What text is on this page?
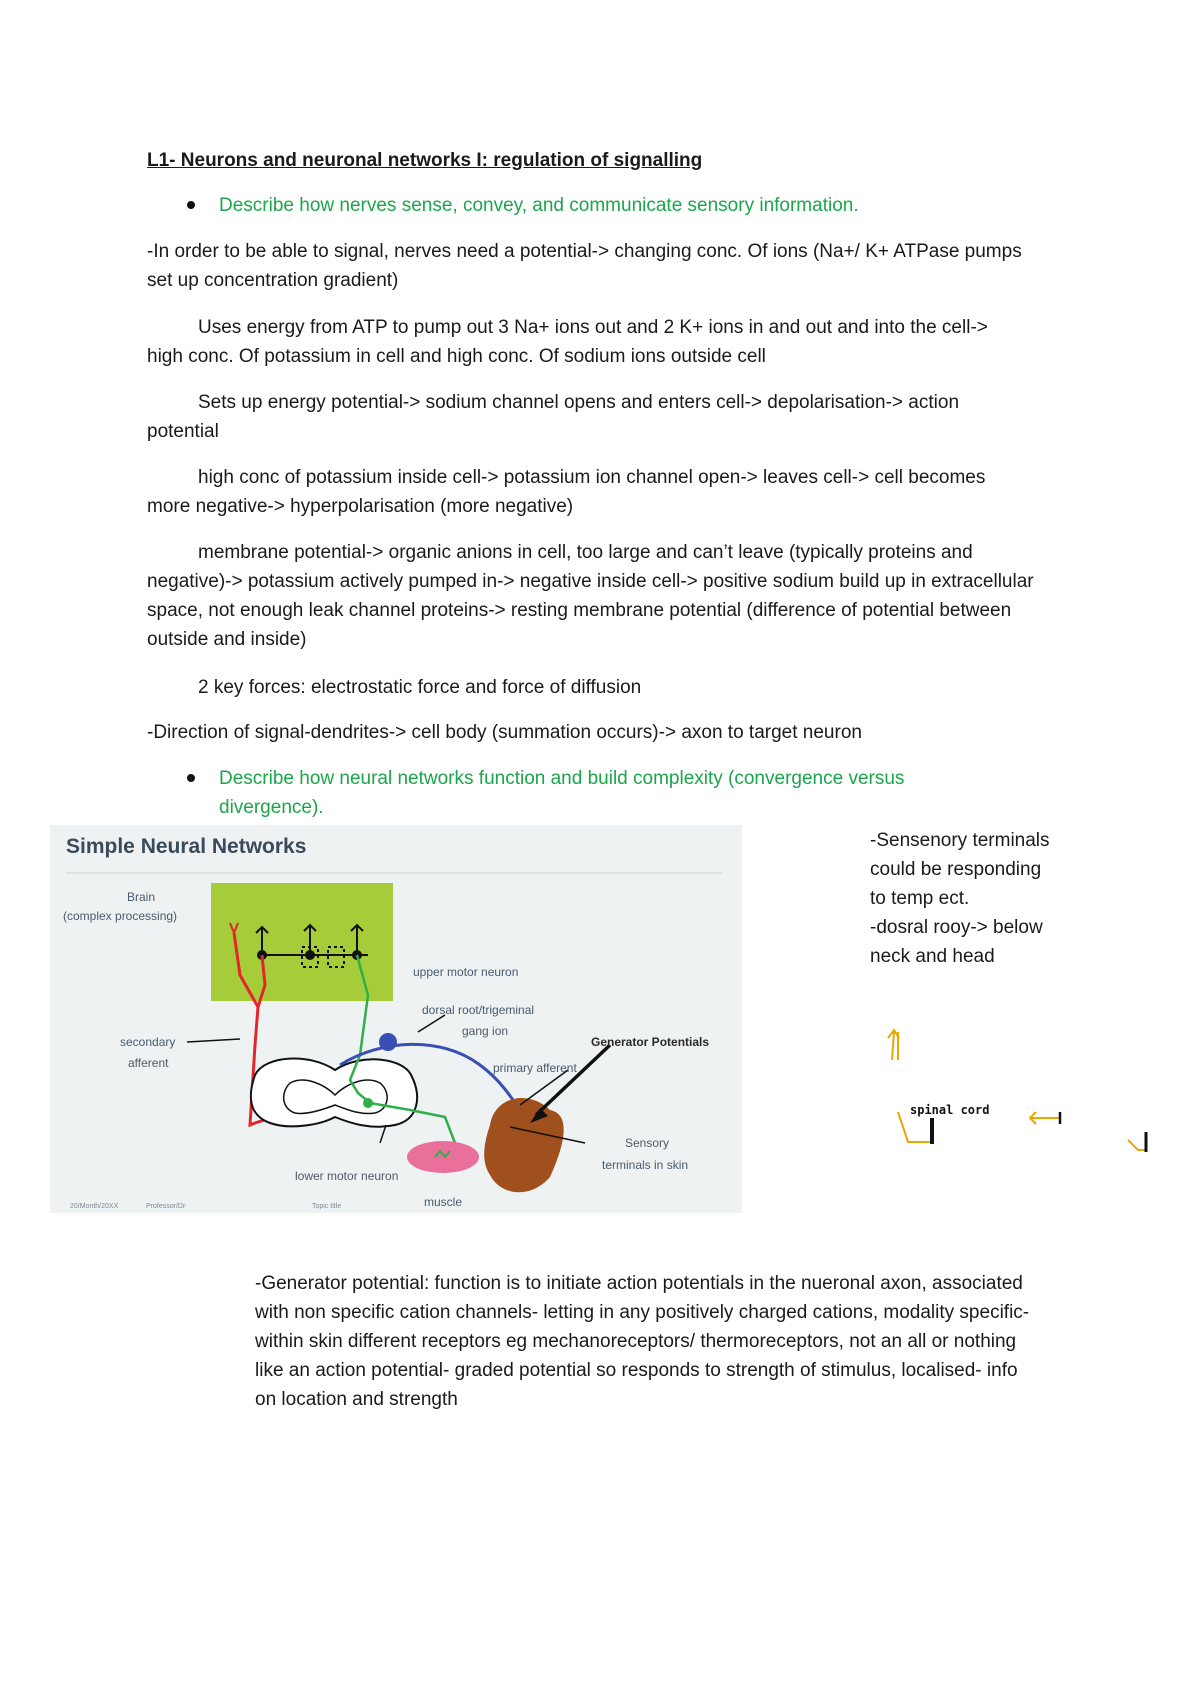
L1- Neurons and neuronal networks I: regulation of signalling
Describe how nerves sense, convey, and communicate sensory information.

-In order to be able to signal, nerves need a potential-> changing conc. Of ions (Na+/ K+ ATPase pumps set up concentration gradient)

Uses energy from ATP to pump out 3 Na+ ions out and 2 K+ ions in and out and into the cell->
high conc. Of potassium in cell and high conc. Of sodium ions outside cell
Sets up energy potential-> sodium channel opens and enters cell-> depolarisation-> action
potential
high conc of potassium inside cell-> potassium ion channel open-> leaves cell-> cell becomes
more negative-> hyperpolarisation (more negative)
membrane potential-> organic anions in cell, too large and can’t leave (typically proteins and

negative)-> potassium actively pumped in-> negative inside cell-> positive sodium build up in extracellular space, not enough leak channel proteins-> resting membrane potential (difference of potential between outside and inside)

2 key forces: electrostatic force and force of diffusion
-Direction of signal-dendrites-> cell body (summation occurs)-> axon to target neuron

Describe how neural networks function and build complexity (convergence versus divergence).

Simple Neural Networks
Brain (complex processing)
upper motor neuron
dorsal root/trigeminal gang ion
Generator Potentials
primary afferent
secondary afferent
Sensory terminals in skin
lower motor neuron
muscle
20/Month/20XX	Professor/Dr	Topic title
-Sensenory terminals
could be responding
to temp ect.
-dosral rooy-> below
neck and head
spinal cord

-Generator potential: function is to initiate action potentials in the nueronal axon, associated with non specific cation channels- letting in any positively charged cations, modality specific- within skin different receptors eg mechanoreceptors/ thermoreceptors, not an all or nothing like an action potential- graded potential so responds to strength of stimulus, localised- info on location and strength
